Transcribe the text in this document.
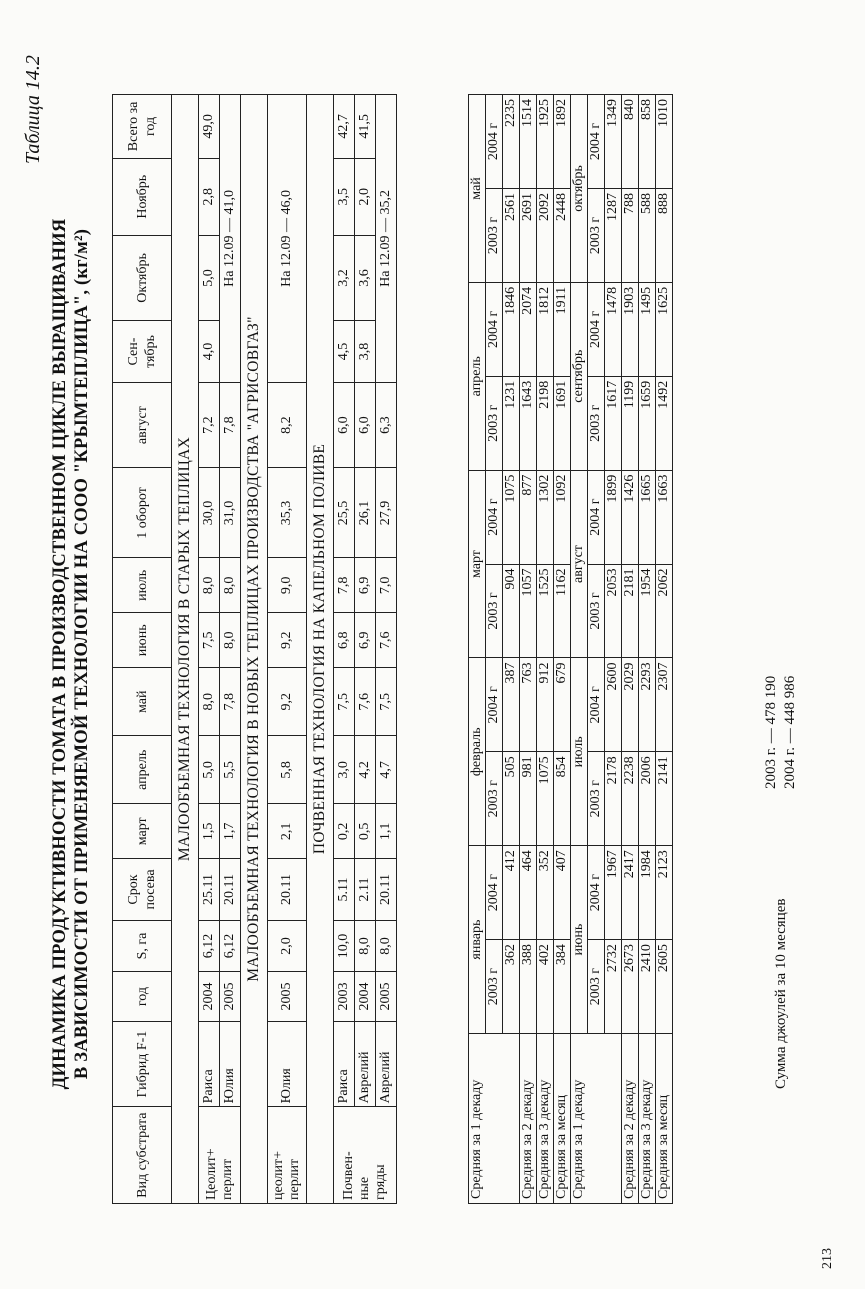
Таблица 14.2
ДИНАМИКА ПРОДУКТИВНОСТИ ТОМАТА В ПРОИЗВОДСТВЕННОМ ЦИКЛЕ ВЫРАЩИВАНИЯ В ЗАВИСИМОСТИ ОТ ПРИМЕНЯЕМОЙ ТЕХНОЛОГИИ НА СООО "КРЫМТЕПЛИЦА", (кг/м²)
Вид субстрата	Гибрид F-1	год	S, га	Срок посева	март	апрель	май	июнь	июль	1 оборот	август	Сен-тябрь	Октябрь	Ноябрь	Всего за год
МАЛООБЪЕМНАЯ ТЕХНОЛОГИЯ В СТАРЫХ ТЕПЛИЦАХ															

Цеолит+ перлит	Раиса	2004	6,12	25.11	1,5	5,0	8,0	7,5	8,0	30,0	7,2	4,0	5,0	2,8	49,0
	Юлия	2005	6,12	20.11	1,7	5,5	7,8	8,0	8,0	31,0	7,8	На 12.09 — 41,0			
МАЛООБЪЕМНАЯ ТЕХНОЛОГИЯ В НОВЫХ ТЕПЛИЦАХ ПРОИЗВОДСТВА "АГРИСОВГАЗ"															

цеолит+ перлит	Юлия	2005	2,0	20.11	2,1	5,8	9,2	9,2	9,0	35,3	8,2	На 12.09 — 46,0			
ПОЧВЕННАЯ ТЕХНОЛОГИЯ НА КАПЕЛЬНОМ ПОЛИВЕ															

Почвен- ные гряды	Раиса	2003	10,0	5.11	0,2	3,0	7,5	6,8	7,8	25,5	6,0	4,5	3,2	3,5	42,7
	Аврелий	2004	8,0	2.11	0,5	4,2	7,6	6,9	6,9	26,1	6,0	3,8	3,6	2,0	41,5
	Аврелий	2005	8,0	20.11	1,1	4,7	7,5	7,6	7,0	27,9	6,3	На 12.09 — 35,2			
Средняя за 1 декаду	январь		февраль		март		апрель		май	
	2003 г	2004 г	2003 г	2004 г	2003 г	2004 г	2003 г	2004 г	2003 г	2004 г
	362	412	505	387	904	1075	1231	1846	2561	2235
Средняя за 2 декаду	388	464	981	763	1057	877	1643	2074	2691	1514
Средняя за 3 декаду	402	352	1075	912	1525	1302	2198	1812	2092	1925
Средняя за месяц	384	407	854	679	1162	1092	1691	1911	2448	1892
Средняя за 1 декаду	июнь		июль		август		сентябрь		октябрь	
	2003 г	2004 г	2003 г	2004 г	2003 г	2004 г	2003 г	2004 г	2003 г	2004 г
	2732	1967	2178	2600	2053	1899	1617	1478	1287	1349
Средняя за 2 декаду	2673	2417	2238	2029	2181	1426	1199	1903	788	840
Средняя за 3 декаду	2410	1984	2006	2293	1954	1665	1659	1495	588	858
Средняя за месяц	2605	2123	2141	2307	2062	1663	1492	1625	888	1010
Сумма джоулей за 10 месяцев
2003 г. — 478 190 2004 г. — 448 986
213
